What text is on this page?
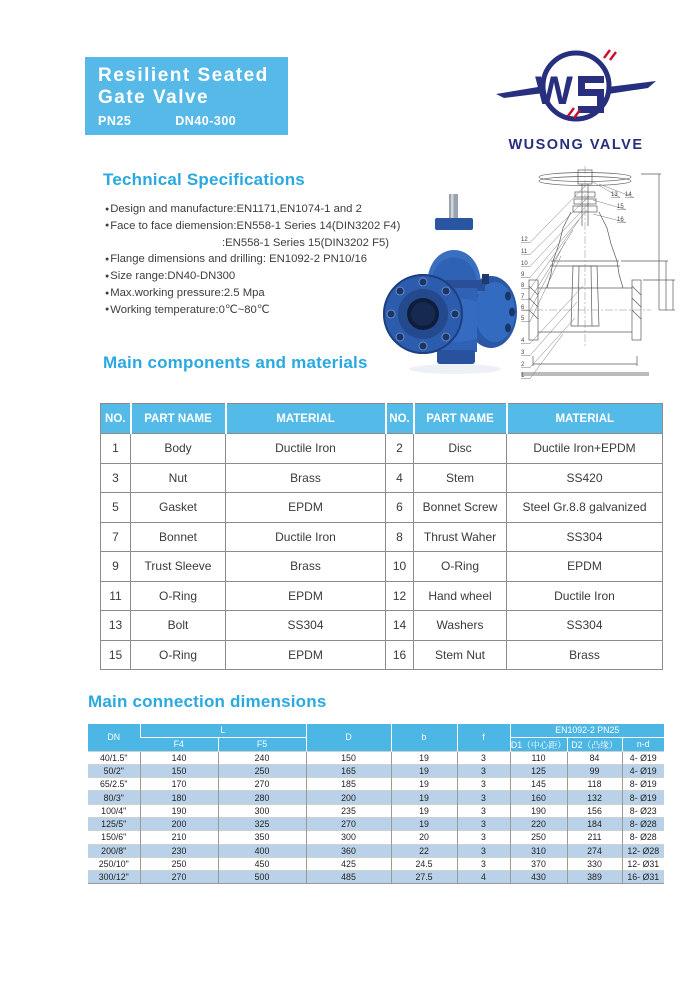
Resilient Seated
Gate Valve
PN25	DN40-300
W
WUSONG VALVE
Technical Specifications
●Design and manufacture:EN1171,EN1074-1 and 2
●Face to face diemension:EN558-1 Series 14(DIN3202 F4)
:EN558-1 Series 15(DIN3202 F5)
●Flange dimensions and drilling: EN1092-2 PN10/16
●Size range:DN40-DN300
●Max.working pressure:2.5 Mpa
●Working temperature:0℃~80℃
12
11
10
9
8
7
6
5
4
3
2
1
13 14
15
16
Main components and materials
NO.	PART NAME	MATERIAL	NO.	PART NAME	MATERIAL
1	Body	Ductile Iron	2	Disc	Ductile Iron+EPDM
3	Nut	Brass	4	Stem	SS420
5	Gasket	EPDM	6	Bonnet Screw	Steel Gr.8.8 galvanized
7	Bonnet	Ductile Iron	8	Thrust Waher	SS304
9	Trust Sleeve	Brass	10	O-Ring	EPDM
11	O-Ring	EPDM	12	Hand wheel	Ductile Iron
13	Bolt	SS304	14	Washers	SS304
15	O-Ring	EPDM	16	Stem Nut	Brass
Main connection dimensions
DN	L		D	b	f	EN1092-2 PN25		
	F4	F5				D1（中心距）	D2（凸缘）	n-d
40/1.5"	140	240	150	19	3	110	84	4- Ø19
50/2"	150	250	165	19	3	125	99	4- Ø19
65/2.5"	170	270	185	19	3	145	118	8- Ø19
80/3"	180	280	200	19	3	160	132	8- Ø19
100/4"	190	300	235	19	3	190	156	8- Ø23
125/5"	200	325	270	19	3	220	184	8- Ø28
150/6"	210	350	300	20	3	250	211	8- Ø28
200/8"	230	400	360	22	3	310	274	12- Ø28
250/10"	250	450	425	24.5	3	370	330	12- Ø31
300/12"	270	500	485	27.5	4	430	389	16- Ø31
